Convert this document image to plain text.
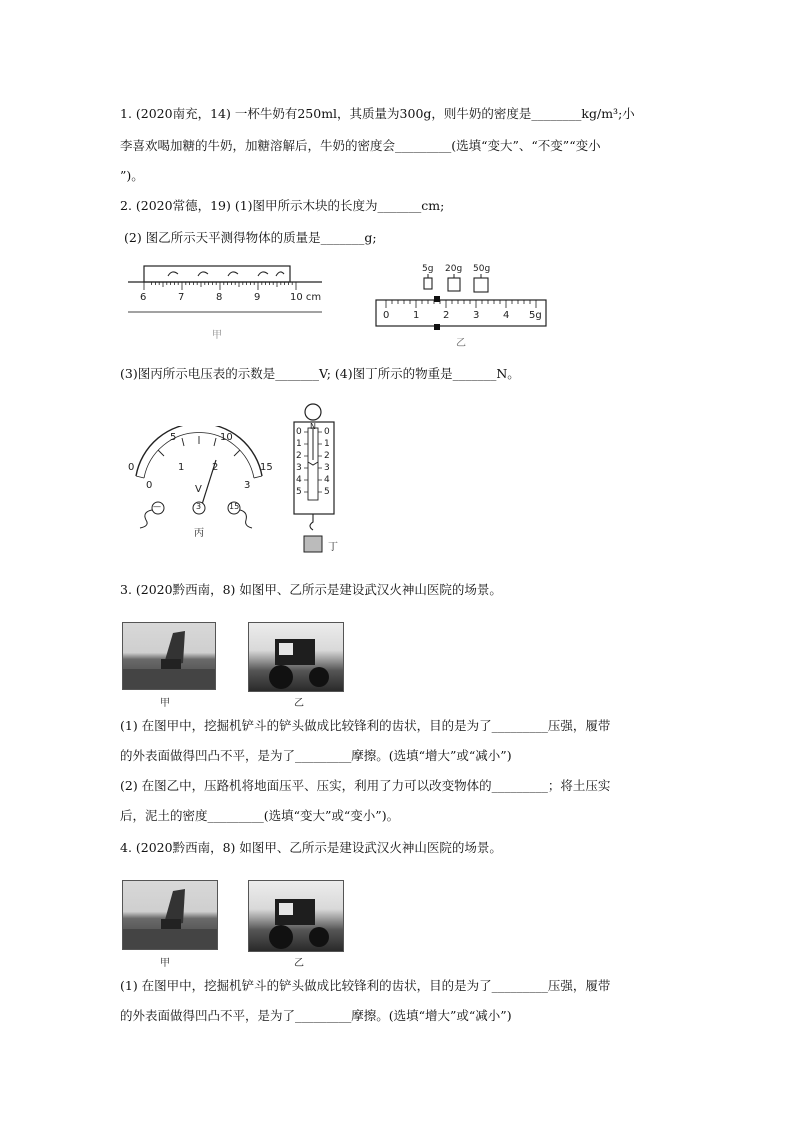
1. (2020南充，14) 一杯牛奶有250ml，其质量为300g，则牛奶的密度是________kg/m³;小
李喜欢喝加糖的牛奶，加糖溶解后，牛奶的密度会_________(选填“变大”、“不变”“变小
”)。
2. (2020常德，19) (1)图甲所示木块的长度为_______cm;
(2) 图乙所示天平测得物体的质量是_______g;
6	7	8	9	10 cm
甲
5g 20g 50g
0 1 2 3 4 5g
乙
(3)图丙所示电压表的示数是_______V; (4)图丁所示的物重是_______N。
0
5	10
15
0
1	2
3
V
—	3	15
丙
N
0
1
2
3
4
5
0
1
2
3
4
5
丁
3. (2020黔西南，8) 如图甲、乙所示是建设武汉火神山医院的场景。
甲	乙
(1) 在图甲中，挖掘机铲斗的铲头做成比较锋利的齿状，目的是为了_________压强，履带
的外表面做得凹凸不平，是为了_________摩擦。(选填“增大”或“减小”)
(2) 在图乙中，压路机将地面压平、压实，利用了力可以改变物体的_________；将土压实
后，泥土的密度_________(选填“变大”或“变小”)。
4. (2020黔西南，8) 如图甲、乙所示是建设武汉火神山医院的场景。
甲	乙
(1) 在图甲中，挖掘机铲斗的铲头做成比较锋利的齿状，目的是为了_________压强，履带
的外表面做得凹凸不平，是为了_________摩擦。(选填“增大”或“减小”)
